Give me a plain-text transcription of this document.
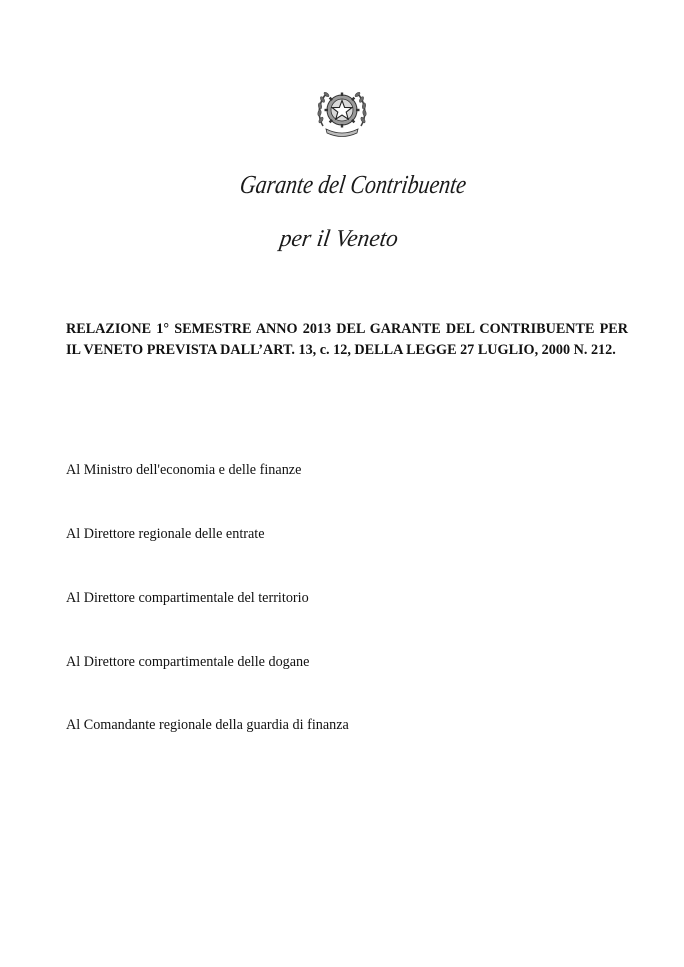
Garante del Contribuente
per il Veneto

RELAZIONE 1° SEMESTRE ANNO 2013 DEL GARANTE DEL CONTRIBUENTE PER IL VENETO PREVISTA DALL’ART. 13, c. 12, DELLA LEGGE 27 LUGLIO, 2000 N. 212.

Al Ministro dell'economia e delle finanze
Al Direttore regionale delle entrate
Al Direttore compartimentale del territorio
Al Direttore compartimentale delle dogane
Al Comandante regionale della guardia di finanza
